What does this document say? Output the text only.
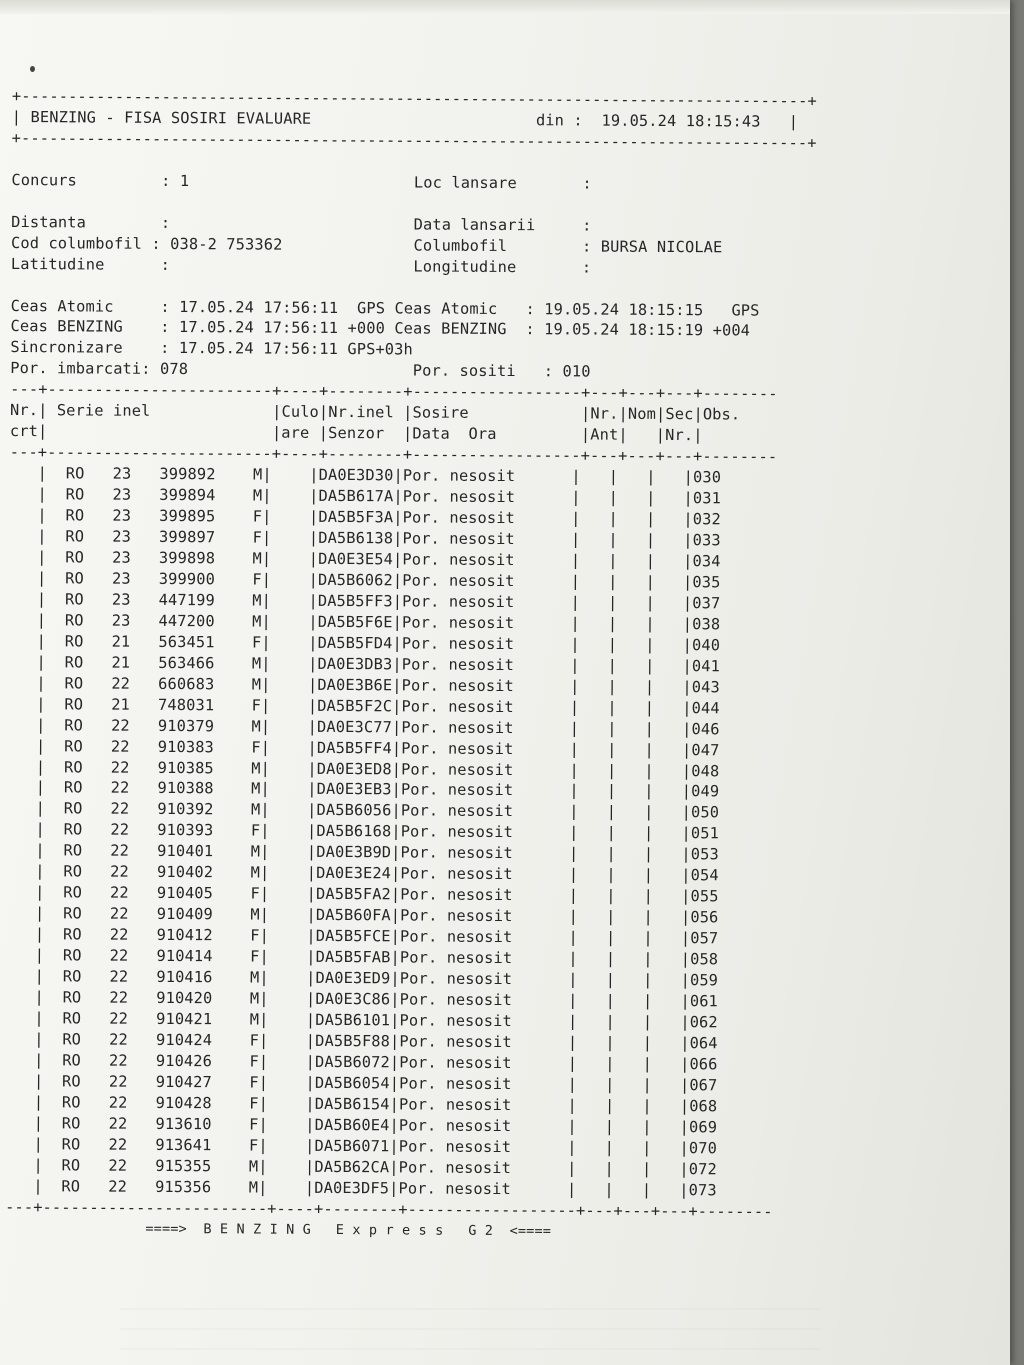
+------------------------------------------------------------------------------------+
| BENZING - FISA SOSIRI EVALUARE	din : 19.05.24 18:15:43   |
+------------------------------------------------------------------------------------+

Concurs         : 1	Loc lansare       :

Distanta        :	Data lansarii     :
Cod columbofil : 038-2 753362	Columbofil        : BURSA NICOLAE
Latitudine      :	Longitudine       :

Ceas Atomic     : 17.05.24 17:56:11 GPS Ceas Atomic   : 19.05.24 18:15:15 GPS
Ceas BENZING    : 17.05.24 17:56:11 +000 Ceas BENZING  : 19.05.24 18:15:19 +004
Sincronizare    : 17.05.24 17:56:11 GPS+03h
Por. imbarcati: 078	Por. sositi   : 010
---+------------------------+----+--------+------------------+---+---+---+--------
Nr.| Serie inel             |Culo|Nr.inel |Sosire            |Nr.|Nom|Sec|Obs.
crt|                        |are |Senzor  |Data  Ora         |Ant|   |Nr.|
---+------------------------+----+--------+------------------+---+---+---+--------
|  RO 23 399892 M|    |DA0E3D30|Por. nesosit      |   |   |   |030
|  RO 23 399894 M|    |DA5B617A|Por. nesosit      |   |   |   |031
|  RO 23 399895 F|    |DA5B5F3A|Por. nesosit      |   |   |   |032
|  RO 23 399897 F|    |DA5B6138|Por. nesosit      |   |   |   |033
|  RO 23 399898 M|    |DA0E3E54|Por. nesosit      |   |   |   |034
|  RO 23 399900 F|    |DA5B6062|Por. nesosit      |   |   |   |035
|  RO 23 447199 M|    |DA5B5FF3|Por. nesosit      |   |   |   |037
|  RO 23 447200 M|    |DA5B5F6E|Por. nesosit      |   |   |   |038
|  RO 21 563451 F|    |DA5B5FD4|Por. nesosit      |   |   |   |040
|  RO 21 563466 M|    |DA0E3DB3|Por. nesosit      |   |   |   |041
|  RO 22 660683 M|    |DA0E3B6E|Por. nesosit      |   |   |   |043
|  RO 21 748031 F|    |DA5B5F2C|Por. nesosit      |   |   |   |044
|  RO 22 910379 M|    |DA0E3C77|Por. nesosit      |   |   |   |046
|  RO 22 910383 F|    |DA5B5FF4|Por. nesosit      |   |   |   |047
|  RO 22 910385 M|    |DA0E3ED8|Por. nesosit      |   |   |   |048
|  RO 22 910388 M|    |DA0E3EB3|Por. nesosit      |   |   |   |049
|  RO 22 910392 M|    |DA5B6056|Por. nesosit      |   |   |   |050
|  RO 22 910393 F|    |DA5B6168|Por. nesosit      |   |   |   |051
|  RO 22 910401 M|    |DA0E3B9D|Por. nesosit      |   |   |   |053
|  RO 22 910402 M|    |DA0E3E24|Por. nesosit      |   |   |   |054
|  RO 22 910405 F|    |DA5B5FA2|Por. nesosit      |   |   |   |055
|  RO 22 910409 M|    |DA5B60FA|Por. nesosit      |   |   |   |056
|  RO 22 910412 F|    |DA5B5FCE|Por. nesosit      |   |   |   |057
|  RO 22 910414 F|    |DA5B5FAB|Por. nesosit      |   |   |   |058
|  RO 22 910416 M|    |DA0E3ED9|Por. nesosit      |   |   |   |059
|  RO 22 910420 M|    |DA0E3C86|Por. nesosit      |   |   |   |061
|  RO 22 910421 M|    |DA5B6101|Por. nesosit      |   |   |   |062
|  RO 22 910424 F|    |DA5B5F88|Por. nesosit      |   |   |   |064
|  RO 22 910426 F|    |DA5B6072|Por. nesosit      |   |   |   |066
|  RO 22 910427 F|    |DA5B6054|Por. nesosit      |   |   |   |067
|  RO 22 910428 F|    |DA5B6154|Por. nesosit      |   |   |   |068
|  RO 22 913610 F|    |DA5B60E4|Por. nesosit      |   |   |   |069
|  RO 22 913641 F|    |DA5B6071|Por. nesosit      |   |   |   |070
|  RO 22 915355 M|    |DA5B62CA|Por. nesosit      |   |   |   |072
|  RO 22 915356 M|    |DA0E3DF5|Por. nesosit      |   |   |   |073
---+------------------------+----+--------+------------------+---+---+---+--------
====>  B E N Z I N G   E x p r e s s   G 2  <====
